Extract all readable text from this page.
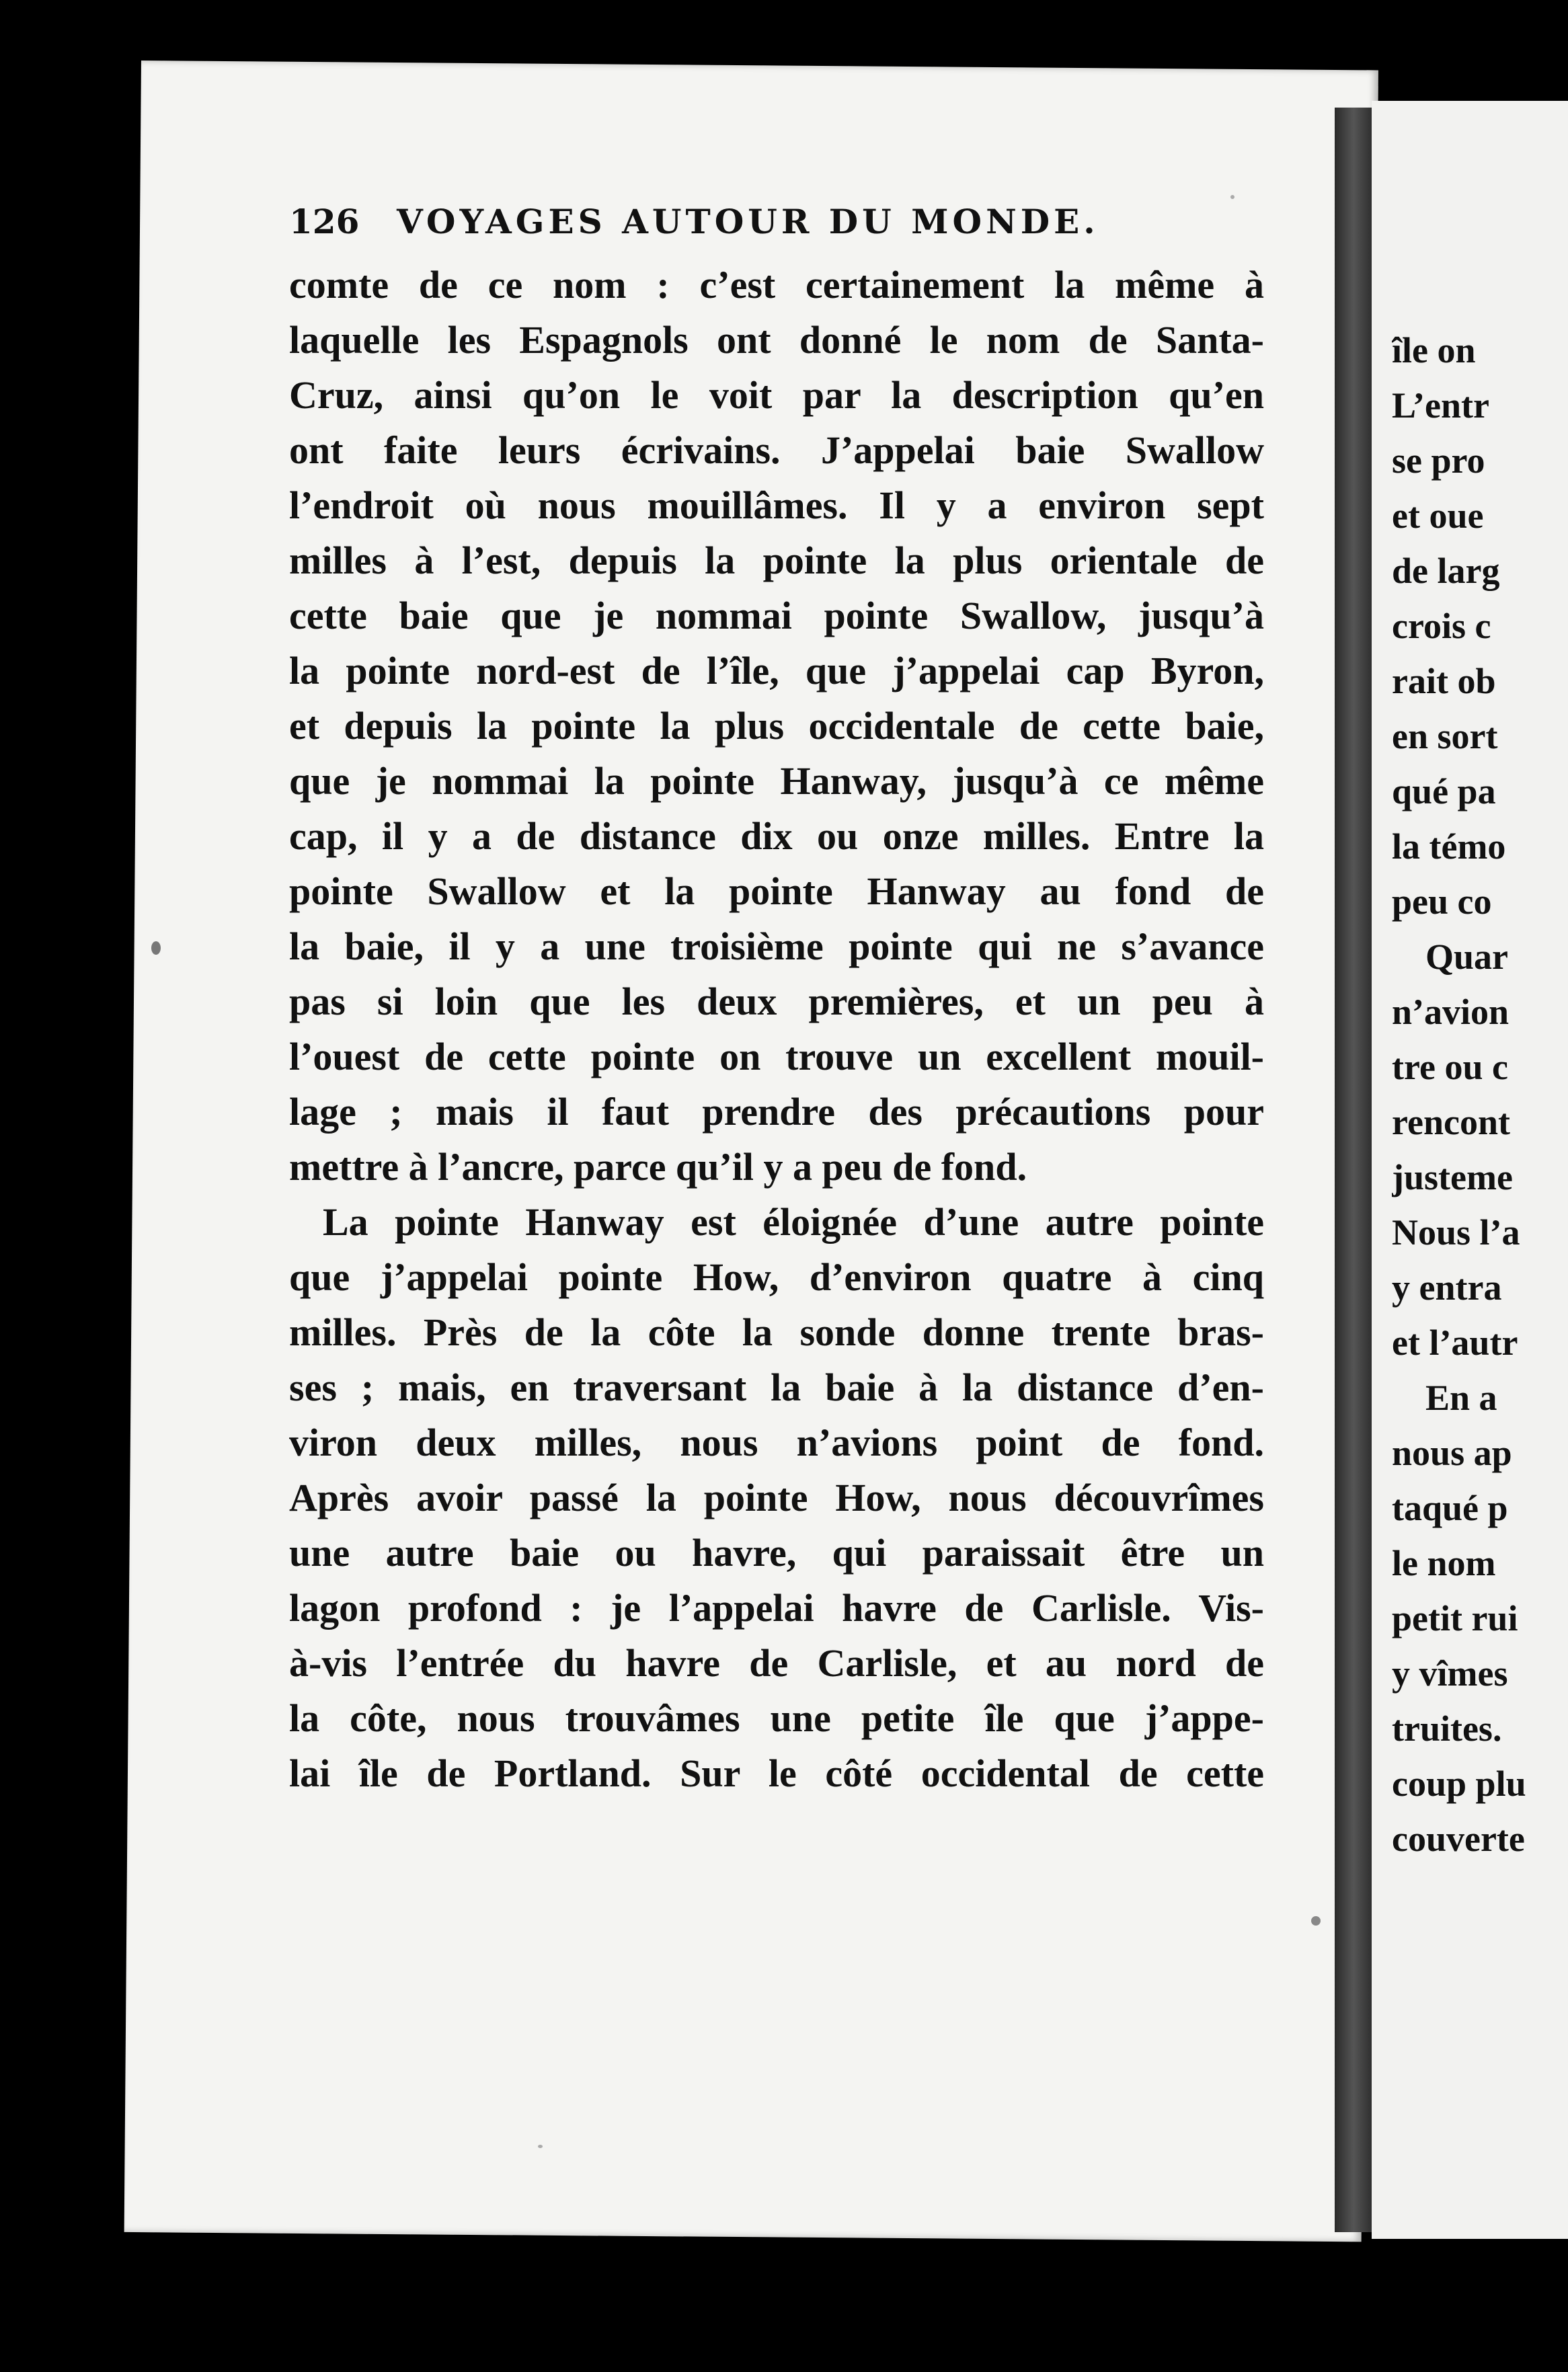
126 VOYAGES AUTOUR DU MONDE.
comte de ce nom : c’est certainement la même à
laquelle les Espagnols ont donné le nom de Santa-
Cruz, ainsi qu’on le voit par la description qu’en
ont faite leurs écrivains. J’appelai baie Swallow
l’endroit où nous mouillâmes. Il y a environ sept
milles à l’est, depuis la pointe la plus orientale de
cette baie que je nommai pointe Swallow, jusqu’à
la pointe nord-est de l’île, que j’appelai cap Byron,
et depuis la pointe la plus occidentale de cette baie,
que je nommai la pointe Hanway, jusqu’à ce même
cap, il y a de distance dix ou onze milles. Entre la
pointe Swallow et la pointe Hanway au fond de
la baie, il y a une troisième pointe qui ne s’avance
pas si loin que les deux premières, et un peu à
l’ouest de cette pointe on trouve un excellent mouil-
lage ; mais il faut prendre des précautions pour
mettre à l’ancre, parce qu’il y a peu de fond.
La pointe Hanway est éloignée d’une autre pointe
que j’appelai pointe How, d’environ quatre à cinq
milles. Près de la côte la sonde donne trente bras-
ses ; mais, en traversant la baie à la distance d’en-
viron deux milles, nous n’avions point de fond.
Après avoir passé la pointe How, nous découvrîmes
une autre baie ou havre, qui paraissait être un
lagon profond : je l’appelai havre de Carlisle. Vis-
à-vis l’entrée du havre de Carlisle, et au nord de
la côte, nous trouvâmes une petite île que j’appe-
lai île de Portland. Sur le côté occidental de cette
île on
L’entr
se pro
et oue
de larg
crois c
rait ob
en sort
qué pa
la témo
peu co
Quar
n’avion
tre ou c
rencont
justeme
Nous l’a
y entra
et l’autr
En a
nous ap
taqué p
le nom
petit rui
y vîmes
truites.
coup plu
couverte
